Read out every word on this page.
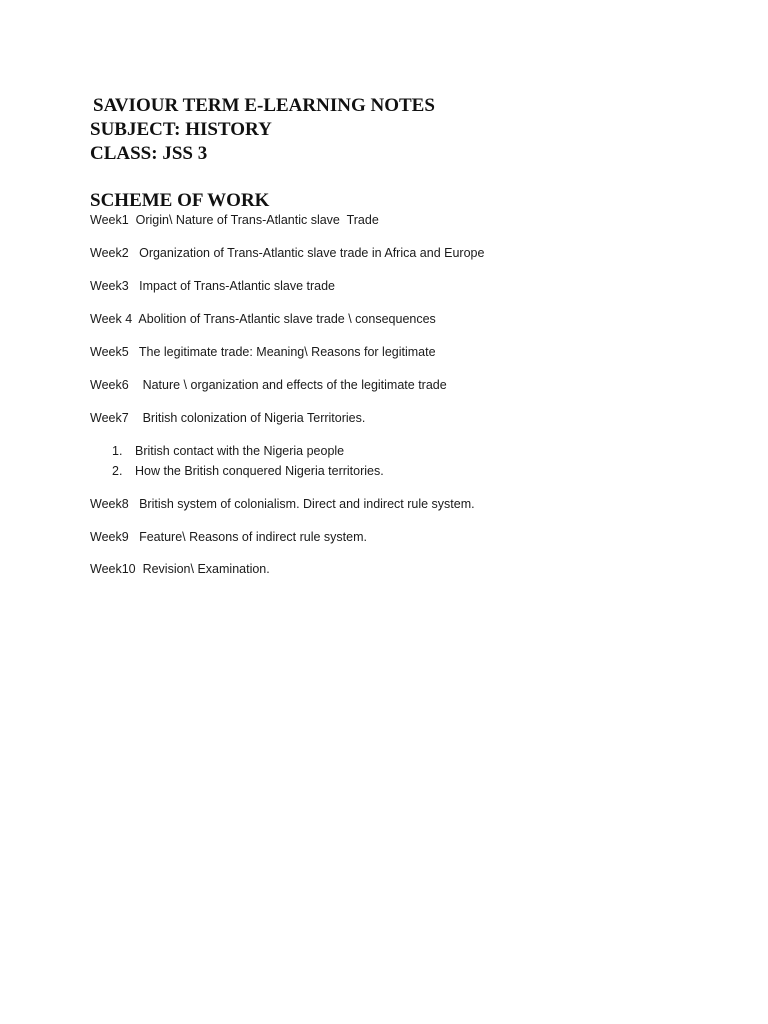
SAVIOUR TERM E-LEARNING NOTES
SUBJECT: HISTORY
CLASS: JSS 3
SCHEME OF WORK
Week1  Origin\ Nature of Trans-Atlantic slave  Trade
Week2   Organization of Trans-Atlantic slave trade in Africa and Europe
Week3   Impact of Trans-Atlantic slave trade
Week 4  Abolition of Trans-Atlantic slave trade \ consequences
Week5   The legitimate trade: Meaning\ Reasons for legitimate
Week6    Nature \ organization and effects of the legitimate trade
Week7    British colonization of Nigeria Territories.
1. British contact with the Nigeria people
2. How the British conquered Nigeria territories.
Week8   British system of colonialism. Direct and indirect rule system.
Week9   Feature\ Reasons of indirect rule system.
Week10  Revision\ Examination.
